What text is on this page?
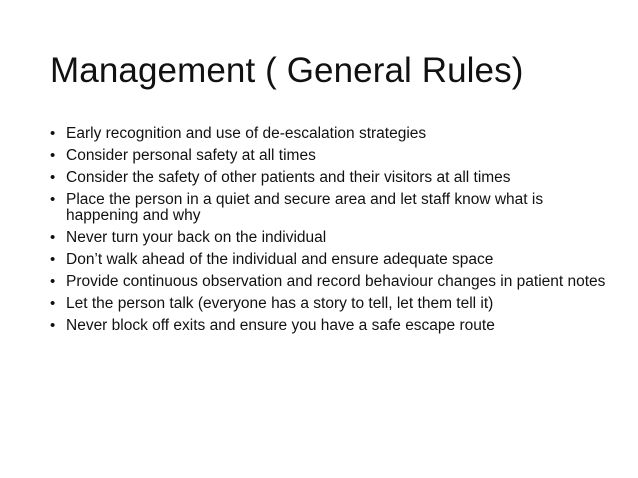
Management ( General Rules)
• Early recognition and use of de-escalation strategies
• Consider personal safety at all times
• Consider the safety of other patients and their visitors at all times
• Place the person in a quiet and secure area and let staff know what is happening and why
• Never turn your back on the individual
• Don’t walk ahead of the individual and ensure adequate space
• Provide continuous observation and record behaviour changes in patient notes
• Let the person talk (everyone has a story to tell, let them tell it)
• Never block off exits and ensure you have a safe escape route
